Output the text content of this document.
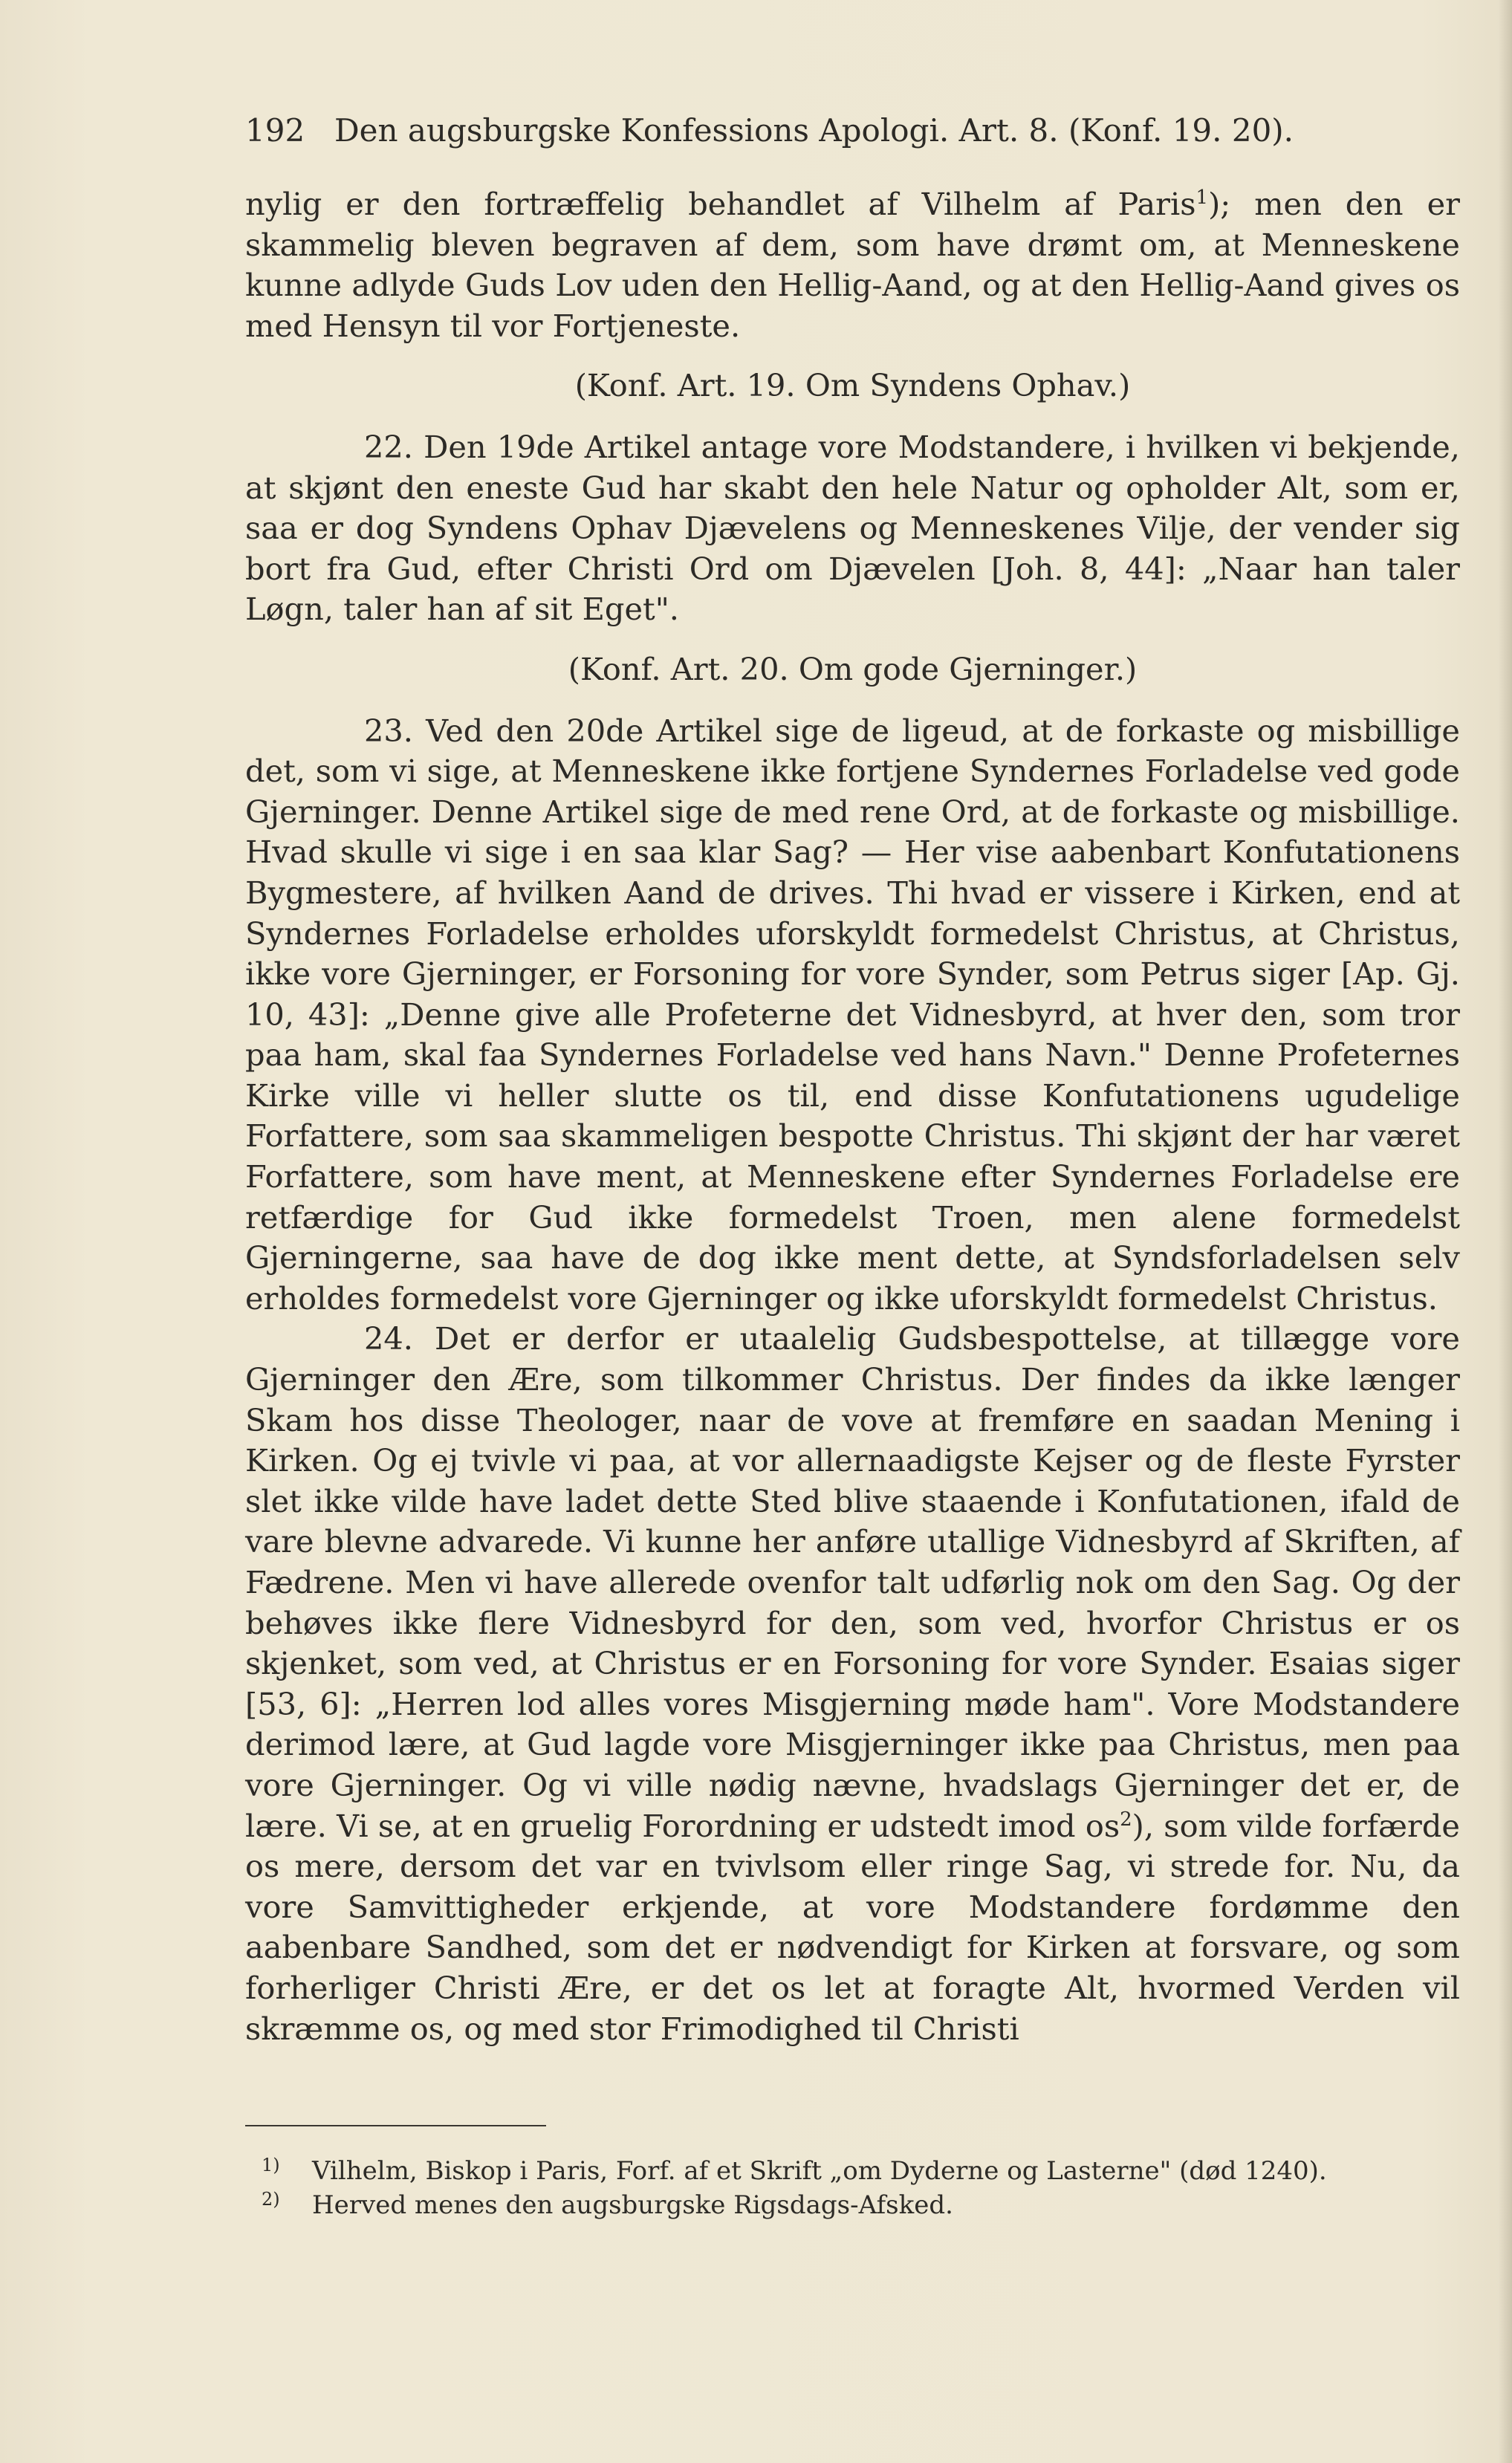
192 Den augsburgske Konfessions Apologi. Art. 8. (Konf. 19. 20).

nylig er den fortræffelig behandlet af Vilhelm af Paris$^1$); men den er skammelig bleven begraven af dem, som have drømt om, at Menneskene kunne adlyde Guds Lov uden den Hellig-Aand, og at den Hellig-Aand gives os med Hensyn til vor Fortjeneste.

(Konf. Art. 19. Om Syndens Ophav.)

22. Den 19de Artikel antage vore Modstandere, i hvilken vi bekjende, at skjønt den eneste Gud har skabt den hele Natur og opholder Alt, som er, saa er dog Syndens Ophav Djævelens og Menneskenes Vilje, der vender sig bort fra Gud, efter Christi Ord om Djævelen [Joh. 8, 44]: „Naar han taler Løgn, taler han af sit Eget".

(Konf. Art. 20. Om gode Gjerninger.)

23. Ved den 20de Artikel sige de ligeud, at de forkaste og misbillige det, som vi sige, at Menneskene ikke fortjene Syndernes Forladelse ved gode Gjerninger. Denne Artikel sige de med rene Ord, at de forkaste og misbillige. Hvad skulle vi sige i en saa klar Sag? — Her vise aabenbart Konfutationens Bygmestere, af hvilken Aand de drives. Thi hvad er vissere i Kirken, end at Syndernes Forladelse erholdes uforskyldt formedelst Christus, at Christus, ikke vore Gjerninger, er Forsoning for vore Synder, som Petrus siger [Ap. Gj. 10, 43]: „Denne give alle Profeterne det Vidnesbyrd, at hver den, som tror paa ham, skal faa Syndernes Forladelse ved hans Navn." Denne Profeternes Kirke ville vi heller slutte os til, end disse Konfutationens ugudelige Forfattere, som saa skammeligen bespotte Christus. Thi skjønt der har været Forfattere, som have ment, at Menneskene efter Syndernes Forladelse ere retfærdige for Gud ikke formedelst Troen, men alene formedelst Gjerningerne, saa have de dog ikke ment dette, at Syndsforladelsen selv erholdes formedelst vore Gjerninger og ikke uforskyldt formedelst Christus.

24. Det er derfor er utaalelig Gudsbespottelse, at tillægge vore Gjerninger den Ære, som tilkommer Christus. Der findes da ikke længer Skam hos disse Theologer, naar de vove at fremføre en saadan Mening i Kirken. Og ej tvivle vi paa, at vor allernaadigste Kejser og de fleste Fyrster slet ikke vilde have ladet dette Sted blive staaende i Konfutationen, ifald de vare blevne advarede. Vi kunne her anføre utallige Vidnesbyrd af Skriften, af Fædrene. Men vi have allerede ovenfor talt udførlig nok om den Sag. Og der behøves ikke flere Vidnesbyrd for den, som ved, hvorfor Christus er os skjenket, som ved, at Christus er en Forsoning for vore Synder. Esaias siger [53, 6]: „Herren lod alles vores Misgjerning møde ham". Vore Modstandere derimod lære, at Gud lagde vore Misgjerninger ikke paa Christus, men paa vore Gjerninger. Og vi ville nødig nævne, hvadslags Gjerninger det er, de lære. Vi se, at en gruelig Forordning er udstedt imod $os^2$), som vilde forfærde os mere, dersom det var en tvivlsom eller ringe Sag, vi strede for. Nu, da vore Samvittigheder erkjende, at vore Modstandere fordømme den aabenbare Sandhed, som det er nødvendigt for Kirken at forsvare, og som forherliger Christi Ære, er det os let at foragte Alt, hvormed Verden vil skræmme os, og med stor Frimodighed til Christi

1) Vilhelm, Biskop i Paris, Forf. af et Skrift „om Dyderne og Lasterne" (død 1240).

2) Herved menes den augsburgske Rigsdags-Afsked.
